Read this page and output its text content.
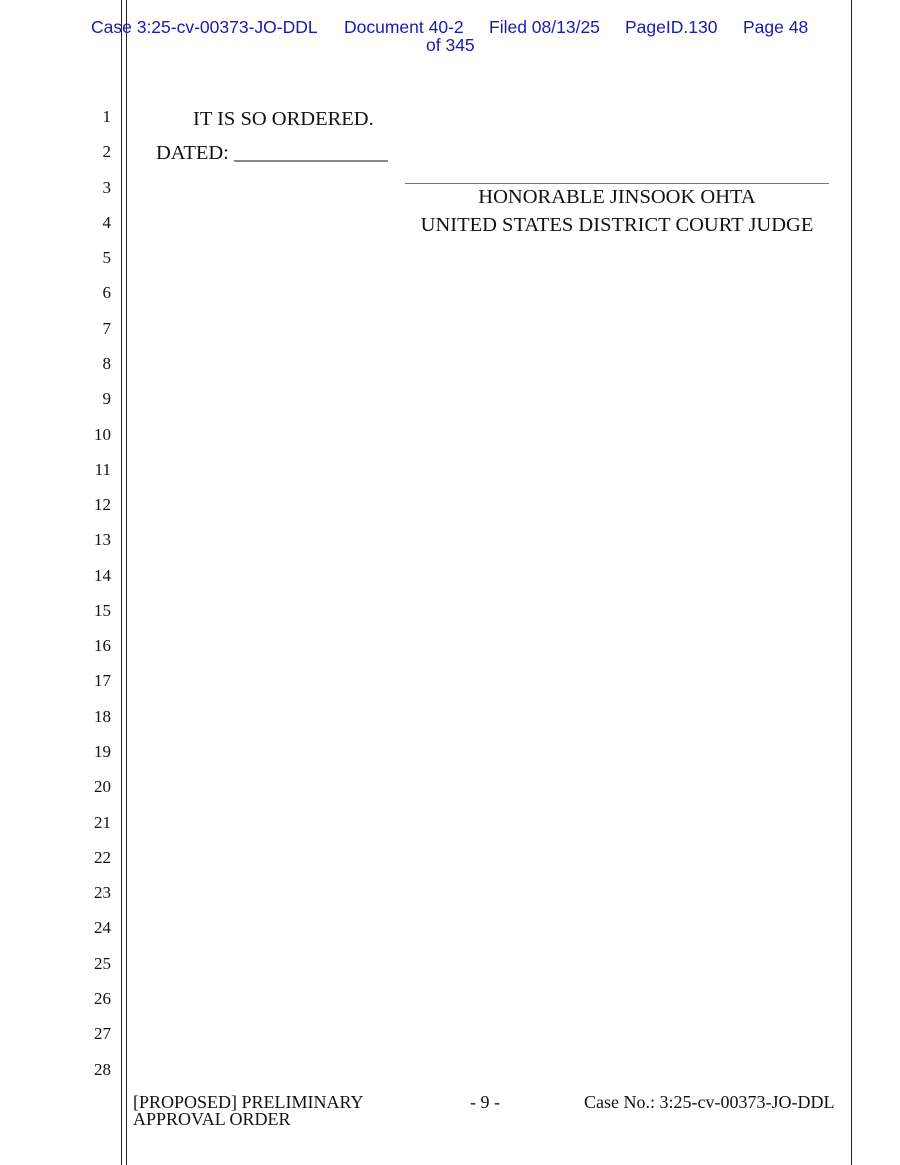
Case 3:25-cv-00373-JO-DDL Document 40-2 Filed 08/13/25 PageID.130 Page 48
of 345
1
2
3
4
5
6
7
8
9
10
11
12
13
14
15
16
17
18
19
20
21
22
23
24
25
26
27
28
IT IS SO ORDERED.
DATED: _______________
HONORABLE JINSOOK OHTA
UNITED STATES DISTRICT COURT JUDGE
[PROPOSED] PRELIMINARY
APPROVAL ORDER
- 9 -	Case No.: 3:25-cv-00373-JO-DDL
